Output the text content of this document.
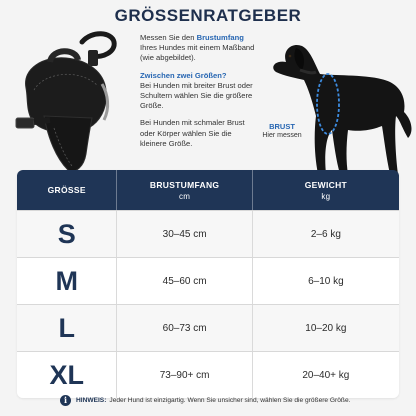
GRÖSSENRATGEBER

Messen Sie den Brustumfang Ihres Hundes mit einem Maßband (wie abgebildet).

Zwischen zwei Größen?
Bei Hunden mit breiter Brust oder Schultern wählen Sie die größere Größe.

Bei Hunden mit schmaler Brust oder Körper wählen Sie die kleinere Größe.

BRUST
Hier messen
GRÖSSE
BRUSTUMFANG
cm
GEWICHT
kg
S	30–45 cm	2–6 kg
M	45–60 cm	6–10 kg
L	60–73 cm	10–20 kg
XL	73–90+ cm	20–40+ kg
i	HINWEIS: Jeder Hund ist einzigartig. Wenn Sie unsicher sind, wählen Sie die größere Größe.
